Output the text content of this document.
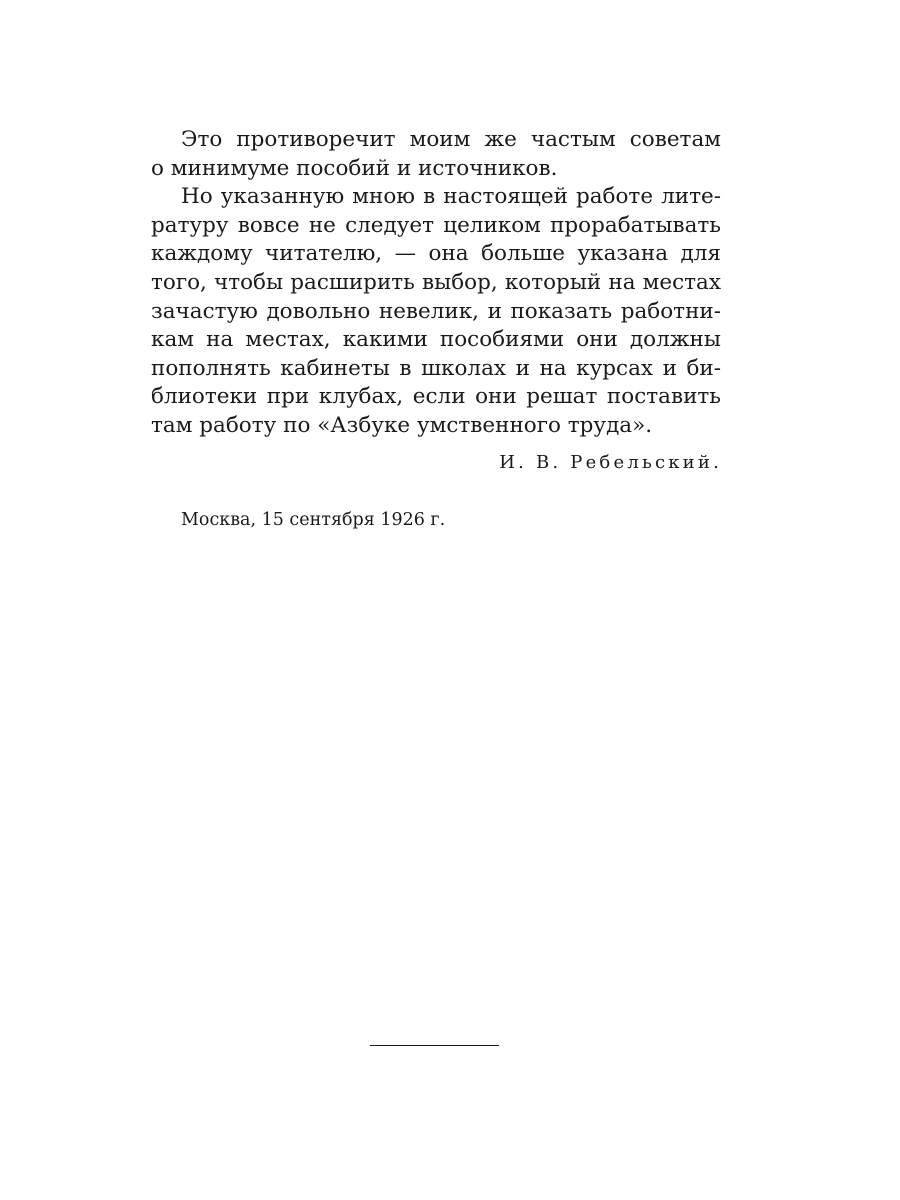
Это противоречит моим же частым советам
о минимуме пособий и источников.

Но указанную мною в настоящей работе лите-
ратуру вовсе не следует целиком прорабатывать
каждому читателю, — она больше указана для
того, чтобы расширить выбор, который на местах
зачастую довольно невелик, и показать работни-
кам на местах, какими пособиями они должны
пополнять кабинеты в школах и на курсах и би-
блиотеки при клубах, если они решат поставить
там работу по «Азбуке умственного труда».

И. В. Ребельский.
Москва, 15 сентября 1926 г.
